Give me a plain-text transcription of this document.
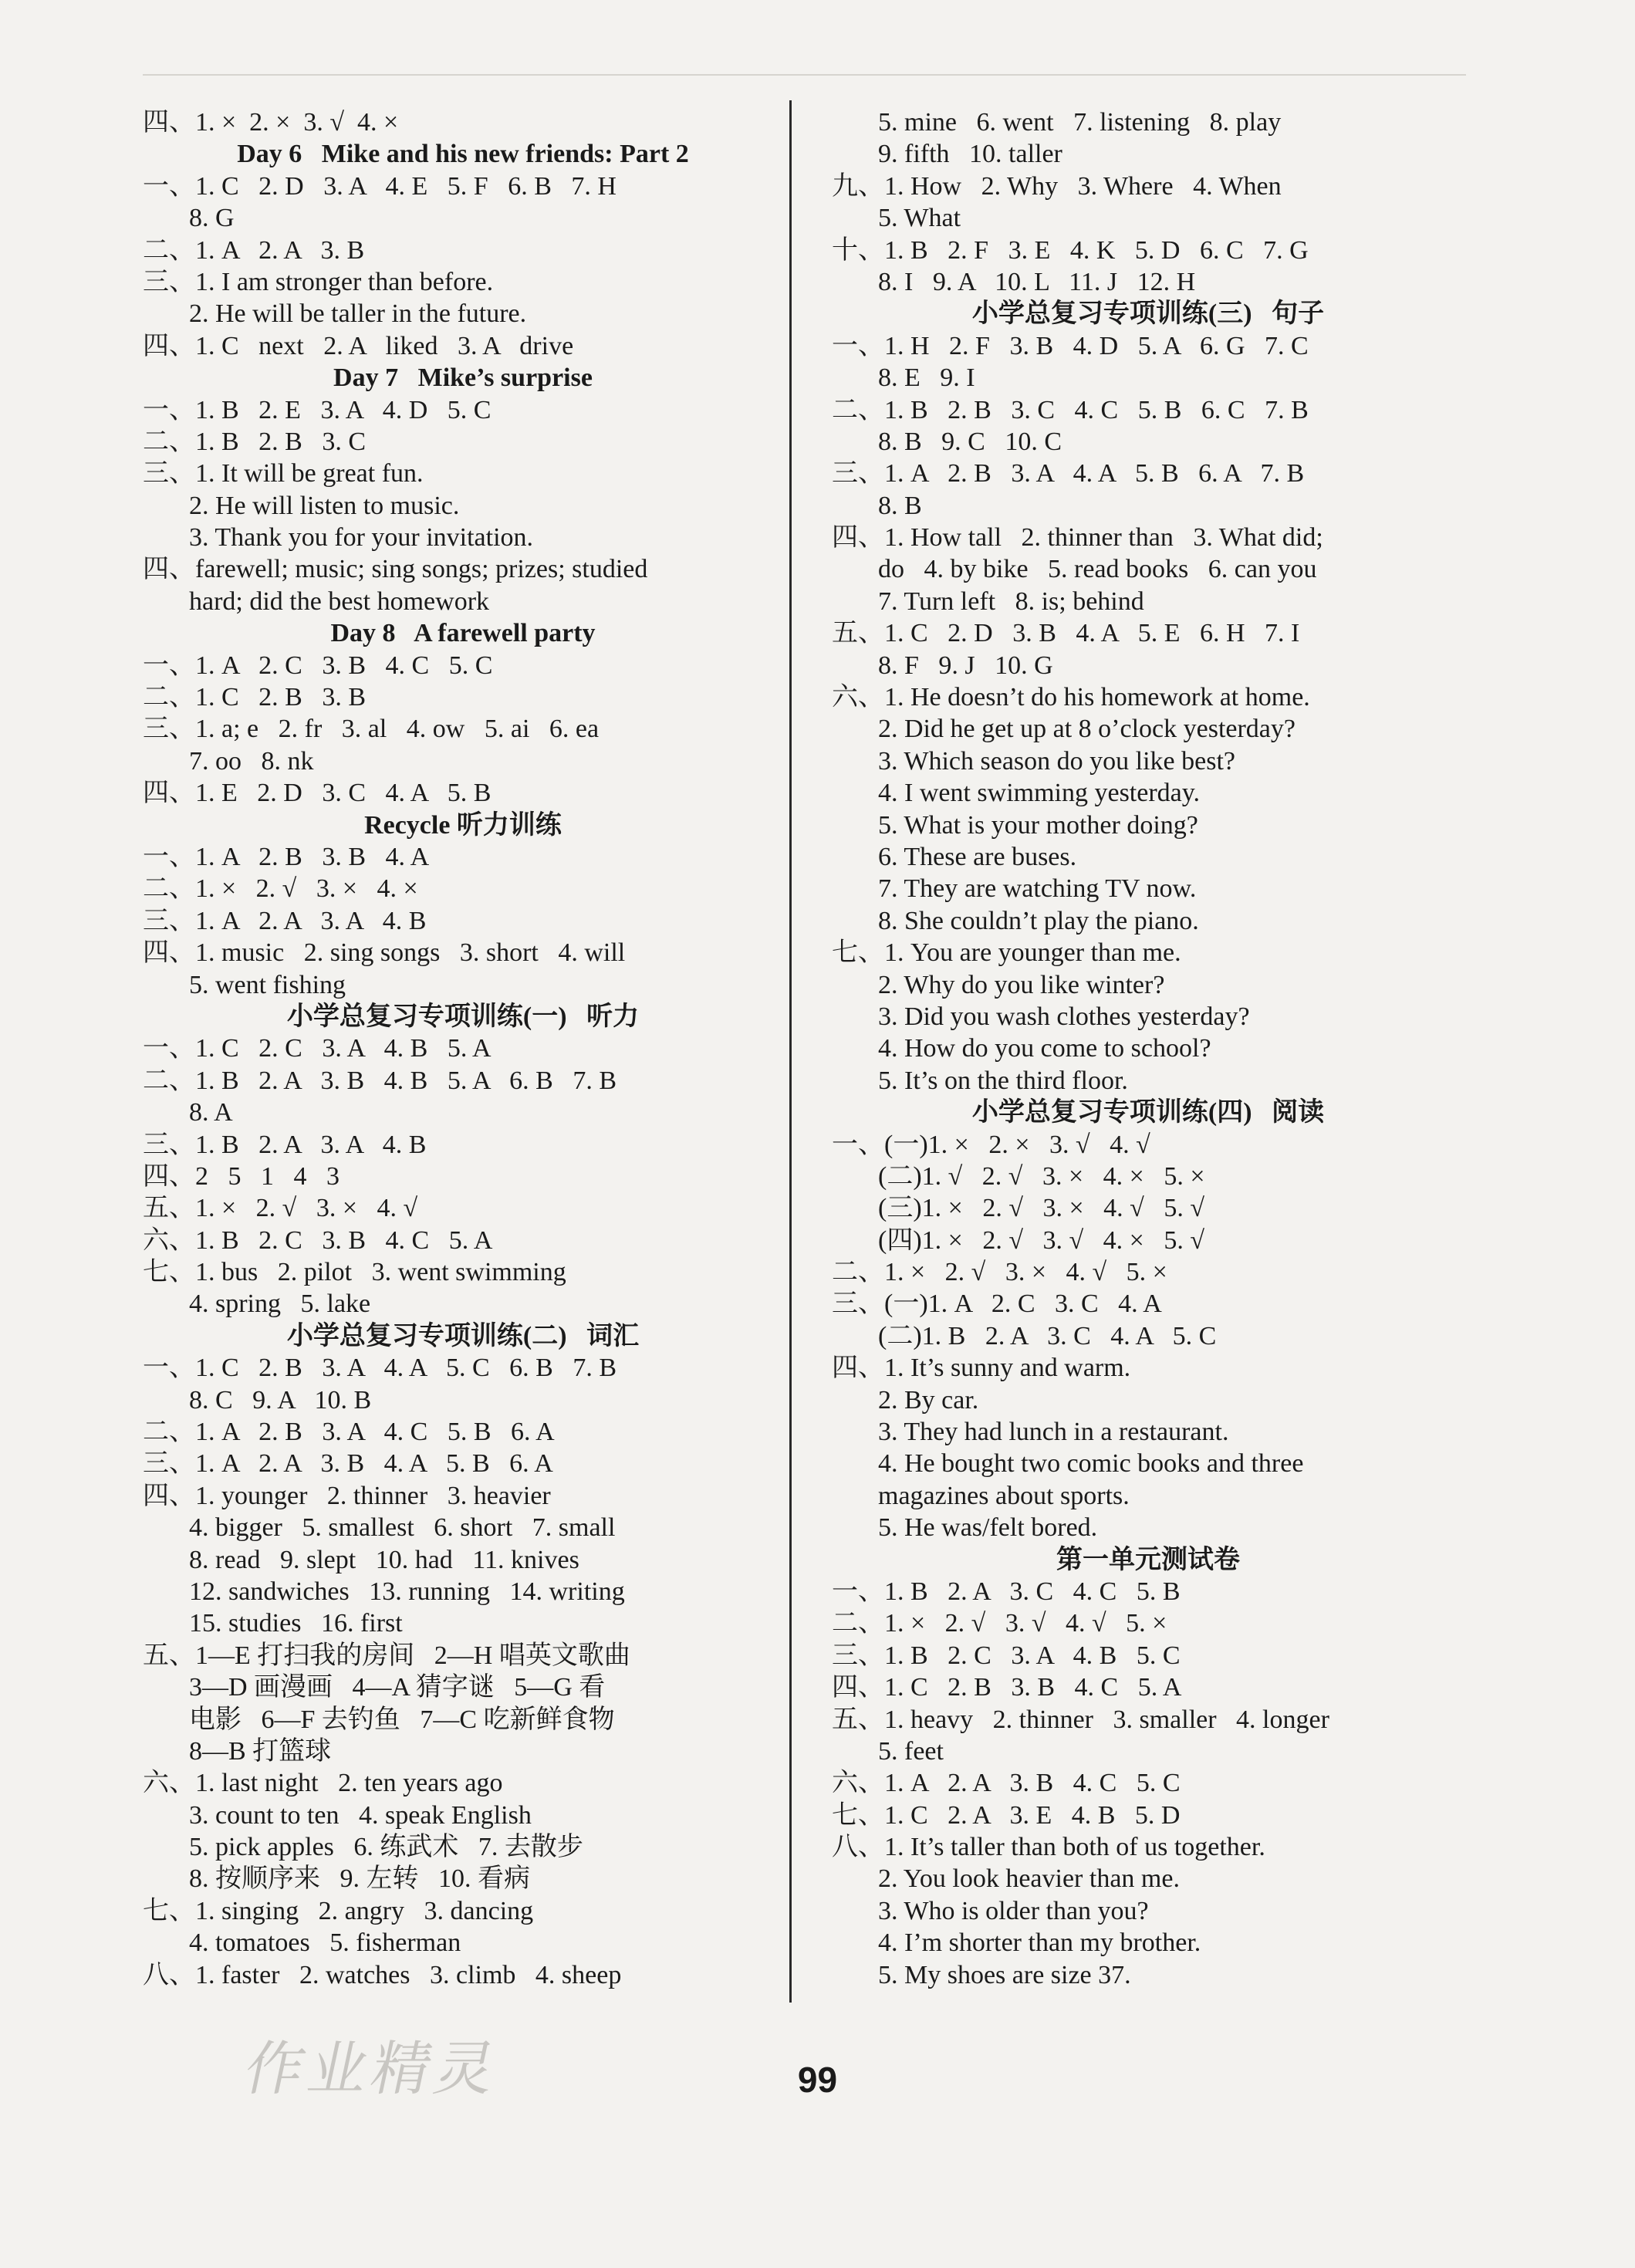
四、1. ×  2. ×  3. √  4. ×
Day 6   Mike and his new friends: Part 2
一、1. C   2. D   3. A   4. E   5. F   6. B   7. H
8. G
二、1. A   2. A   3. B
三、1. I am stronger than before.
2. He will be taller in the future.
四、1. C   next   2. A   liked   3. A   drive
Day 7   Mike’s surprise
一、1. B   2. E   3. A   4. D   5. C
二、1. B   2. B   3. C
三、1. It will be great fun.
2. He will listen to music.
3. Thank you for your invitation.
四、farewell; music; sing songs; prizes; studied
hard; did the best homework
Day 8   A farewell party
一、1. A   2. C   3. B   4. C   5. C
二、1. C   2. B   3. B
三、1. a; e   2. fr   3. al   4. ow   5. ai   6. ea
7. oo   8. nk
四、1. E   2. D   3. C   4. A   5. B
Recycle 听力训练
一、1. A   2. B   3. B   4. A
二、1. ×   2. √   3. ×   4. ×
三、1. A   2. A   3. A   4. B
四、1. music   2. sing songs   3. short   4. will
5. went fishing
小学总复习专项训练(一)   听力
一、1. C   2. C   3. A   4. B   5. A
二、1. B   2. A   3. B   4. B   5. A   6. B   7. B
8. A
三、1. B   2. A   3. A   4. B
四、2   5   1   4   3
五、1. ×   2. √   3. ×   4. √
六、1. B   2. C   3. B   4. C   5. A
七、1. bus   2. pilot   3. went swimming
4. spring   5. lake
小学总复习专项训练(二)   词汇
一、1. C   2. B   3. A   4. A   5. C   6. B   7. B
8. C   9. A   10. B
二、1. A   2. B   3. A   4. C   5. B   6. A
三、1. A   2. A   3. B   4. A   5. B   6. A
四、1. younger   2. thinner   3. heavier
4. bigger   5. smallest   6. short   7. small
8. read   9. slept   10. had   11. knives
12. sandwiches   13. running   14. writing
15. studies   16. first
五、1—E 打扫我的房间   2—H 唱英文歌曲
3—D 画漫画   4—A 猜字谜   5—G 看
电影   6—F 去钓鱼   7—C 吃新鲜食物
8—B 打篮球
六、1. last night   2. ten years ago
3. count to ten   4. speak English
5. pick apples   6. 练武术   7. 去散步
8. 按顺序来   9. 左转   10. 看病
七、1. singing   2. angry   3. dancing
4. tomatoes   5. fisherman
八、1. faster   2. watches   3. climb   4. sheep
5. mine   6. went   7. listening   8. play
9. fifth   10. taller
九、1. How   2. Why   3. Where   4. When
5. What
十、1. B   2. F   3. E   4. K   5. D   6. C   7. G
8. I   9. A   10. L   11. J   12. H
小学总复习专项训练(三)   句子
一、1. H   2. F   3. B   4. D   5. A   6. G   7. C
8. E   9. I
二、1. B   2. B   3. C   4. C   5. B   6. C   7. B
8. B   9. C   10. C
三、1. A   2. B   3. A   4. A   5. B   6. A   7. B
8. B
四、1. How tall   2. thinner than   3. What did;
do   4. by bike   5. read books   6. can you
7. Turn left   8. is; behind
五、1. C   2. D   3. B   4. A   5. E   6. H   7. I
8. F   9. J   10. G
六、1. He doesn’t do his homework at home.
2. Did he get up at 8 o’clock yesterday?
3. Which season do you like best?
4. I went swimming yesterday.
5. What is your mother doing?
6. These are buses.
7. They are watching TV now.
8. She couldn’t play the piano.
七、1. You are younger than me.
2. Why do you like winter?
3. Did you wash clothes yesterday?
4. How do you come to school?
5. It’s on the third floor.
小学总复习专项训练(四)   阅读
一、(一)1. ×   2. ×   3. √   4. √
(二)1. √   2. √   3. ×   4. ×   5. ×
(三)1. ×   2. √   3. ×   4. √   5. √
(四)1. ×   2. √   3. √   4. ×   5. √
二、1. ×   2. √   3. ×   4. √   5. ×
三、(一)1. A   2. C   3. C   4. A
(二)1. B   2. A   3. C   4. A   5. C
四、1. It’s sunny and warm.
2. By car.
3. They had lunch in a restaurant.
4. He bought two comic books and three
magazines about sports.
5. He was/felt bored.
第一单元测试卷
一、1. B   2. A   3. C   4. C   5. B
二、1. ×   2. √   3. √   4. √   5. ×
三、1. B   2. C   3. A   4. B   5. C
四、1. C   2. B   3. B   4. C   5. A
五、1. heavy   2. thinner   3. smaller   4. longer
5. feet
六、1. A   2. A   3. B   4. C   5. C
七、1. C   2. A   3. E   4. B   5. D
八、1. It’s taller than both of us together.
2. You look heavier than me.
3. Who is older than you?
4. I’m shorter than my brother.
5. My shoes are size 37.
作业精灵	99
